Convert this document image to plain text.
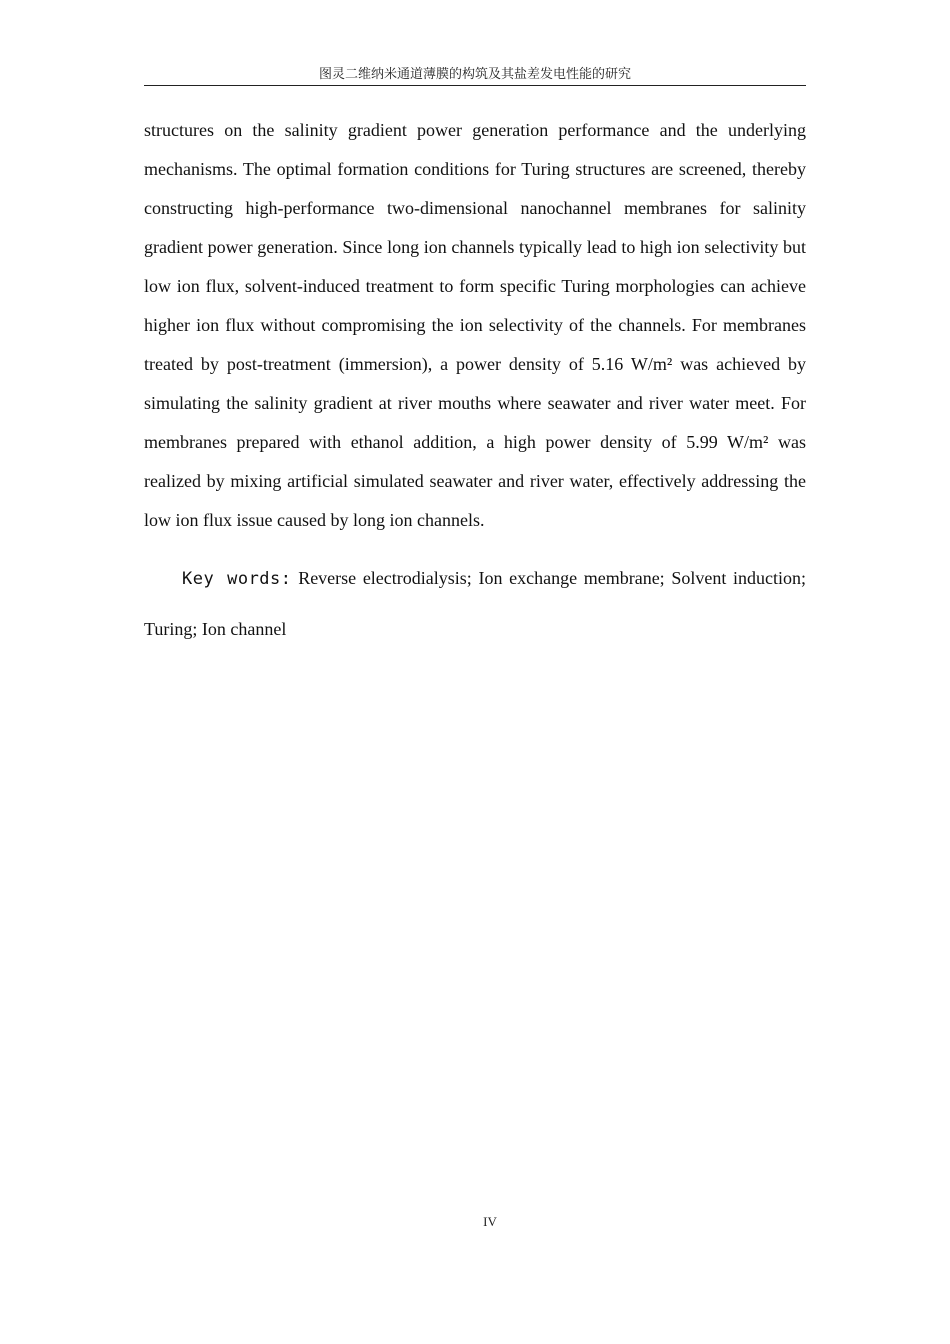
图灵二维纳米通道薄膜的构筑及其盐差发电性能的研究

structures on the salinity gradient power generation performance and the underlying mechanisms. The optimal formation conditions for Turing structures are screened, thereby constructing high-performance two-dimensional nanochannel membranes for salinity gradient power generation. Since long ion channels typically lead to high ion selectivity but low ion flux, solvent-induced treatment to form specific Turing morphologies can achieve higher ion flux without compromising the ion selectivity of the channels. For membranes treated by post-treatment (immersion), a power density of 5.16 W/m² was achieved by simulating the salinity gradient at river mouths where seawater and river water meet. For membranes prepared with ethanol addition, a high power density of 5.99 W/m² was realized by mixing artificial simulated seawater and river water, effectively addressing the low ion flux issue caused by long ion channels.

Key words: Reverse electrodialysis; Ion exchange membrane; Solvent induction; Turing; Ion channel

IV
